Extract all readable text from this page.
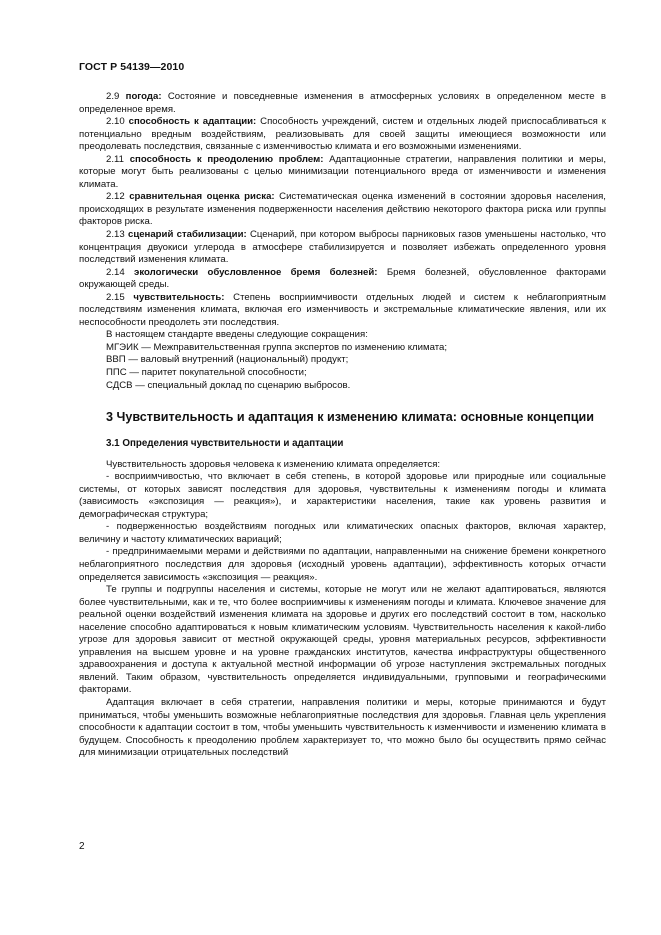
ГОСТ Р 54139—2010

2.9 погода: Состояние и повседневные изменения в атмосферных условиях в определенном месте в определенное время.

2.10 способность к адаптации: Способность учреждений, систем и отдельных людей приспосабливаться к потенциально вредным воздействиям, реализовывать для своей защиты имеющиеся возможности или преодолевать последствия, связанные с изменчивостью климата и его возможными изменениями.

2.11 способность к преодолению проблем: Адаптационные стратегии, направления политики и меры, которые могут быть реализованы с целью минимизации потенциального вреда от изменчивости и изменения климата.

2.12 сравнительная оценка риска: Систематическая оценка изменений в состоянии здоровья населения, происходящих в результате изменения подверженности населения действию некоторого фактора риска или группы факторов риска.

2.13 сценарий стабилизации: Сценарий, при котором выбросы парниковых газов уменьшены настолько, что концентрация двуокиси углерода в атмосфере стабилизируется и позволяет избежать определенного уровня последствий изменения климата.

2.14 экологически обусловленное бремя болезней: Бремя болезней, обусловленное факторами окружающей среды.

2.15 чувствительность: Степень восприимчивости отдельных людей и систем к неблагоприятным последствиям изменения климата, включая его изменчивость и экстремальные климатические явления, или их неспособности преодолеть эти последствия.

В настоящем стандарте введены следующие сокращения:

МГЭИК — Межправительственная группа экспертов по изменению климата;

ВВП — валовый внутренний (национальный) продукт;

ППС — паритет покупательной способности;

СДСВ — специальный доклад по сценарию выбросов.

3 Чувствительность и адаптация к изменению климата: основные концепции
3.1 Определения чувствительности и адаптации

Чувствительность здоровья человека к изменению климата определяется:

- восприимчивостью, что включает в себя степень, в которой здоровье или природные или социальные системы, от которых зависят последствия для здоровья, чувствительны к изменениям погоды и климата (зависимость «экспозиция — реакция»), и характеристики населения, такие как уровень развития и демографическая структура;

- подверженностью воздействиям погодных или климатических опасных факторов, включая характер, величину и частоту климатических вариаций;

- предпринимаемыми мерами и действиями по адаптации, направленными на снижение бремени конкретного неблагоприятного последствия для здоровья (исходный уровень адаптации), эффективность которых отчасти определяется зависимость «экспозиция — реакция».

Те группы и подгруппы населения и системы, которые не могут или не желают адаптироваться, являются более чувствительными, как и те, что более восприимчивы к изменениям погоды и климата. Ключевое значение для реальной оценки воздействий изменения климата на здоровье и других его последствий состоит в том, насколько население способно адаптироваться к новым климатическим условиям. Чувствительность населения к какой-либо угрозе для здоровья зависит от местной окружающей среды, уровня материальных ресурсов, эффективности управления на высшем уровне и на уровне гражданских институтов, качества инфраструктуры общественного здравоохранения и доступа к актуальной местной информации об угрозе наступления экстремальных погодных явлений. Таким образом, чувствительность определяется индивидуальными, групповыми и географическими факторами.

Адаптация включает в себя стратегии, направления политики и меры, которые принимаются и будут приниматься, чтобы уменьшить возможные неблагоприятные последствия для здоровья. Главная цель укрепления способности к адаптации состоит в том, чтобы уменьшить чувствительность к изменчивости и изменению климата в будущем. Способность к преодолению проблем характеризует то, что можно было бы осуществить прямо сейчас для минимизации отрицательных последствий

2
